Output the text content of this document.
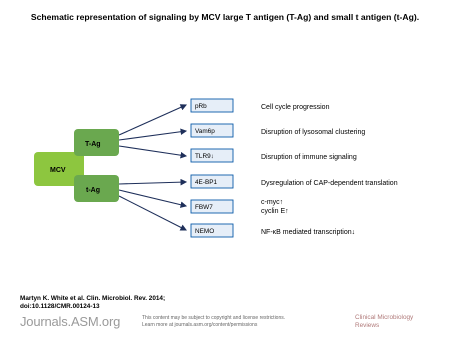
Schematic representation of signaling by MCV large T antigen (T-Ag) and small t antigen (t-Ag).
MCV
T-Ag
t-Ag
pRb	Cell cycle progression
Vam6p	Disruption of lysosomal clustering
TLR9↓	Disruption of immune signaling
4E-BP1	Dysregulation of CAP-dependent translation
FBW7
c-myc↑
cyclin E↑
NEMO	NF-κB mediated transcription↓
Martyn K. White et al. Clin. Microbiol. Rev. 2014;
doi:10.1128/CMR.00124-13
Journals.ASM.org	This content may be subject to copyright and license restrictions.
Learn more at journals.asm.org/content/permissions
Clinical Microbiology
Reviews
